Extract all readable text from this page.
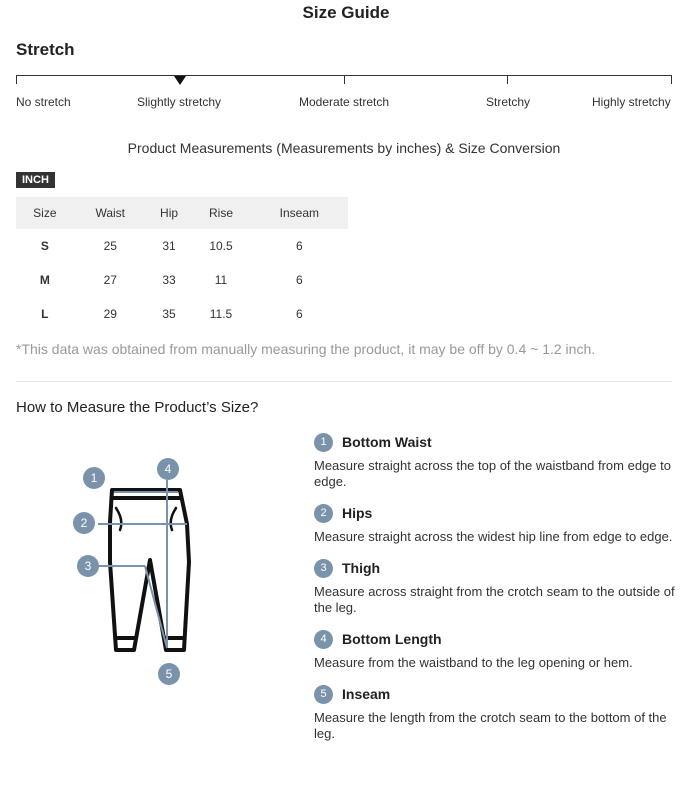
Size Guide
Stretch
No stretch	Slightly stretchy	Moderate stretch	Stretchy	Highly stretchy
Product Measurements (Measurements by inches) & Size Conversion
INCH
Size	Waist	Hip	Rise	Inseam
S	25	31	10.5	6
M	27	33	11	6
L	29	35	11.5	6
*This data was obtained from manually measuring the product, it may be off by 0.4 ~ 1.2 inch.
How to Measure the Product’s Size?
1
2
3
4
5
1	Bottom Waist
Measure straight across the top of the waistband from edge to edge.
2	Hips
Measure straight across the widest hip line from edge to edge.
3	Thigh
Measure across straight from the crotch seam to the outside of the leg.
4	Bottom Length
Measure from the waistband to the leg opening or hem.
5	Inseam
Measure the length from the crotch seam to the bottom of the leg.
